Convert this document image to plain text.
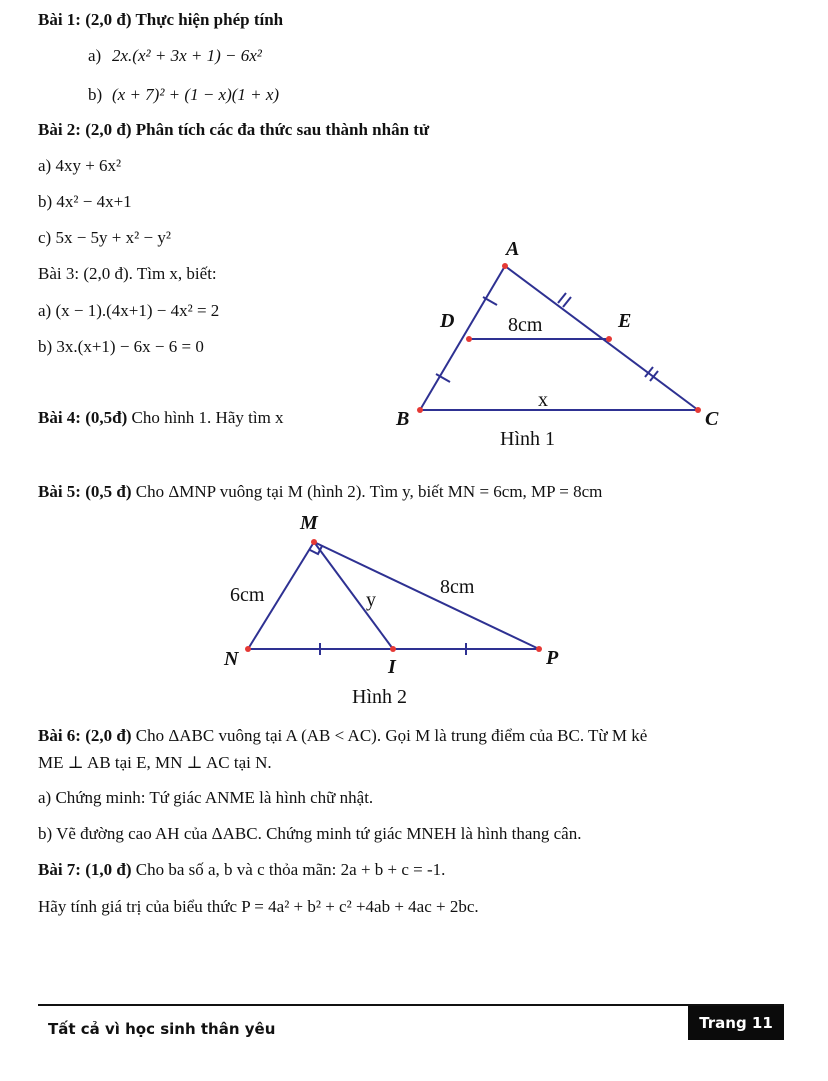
Bài 1: (2,0 đ) Thực hiện phép tính
a) 2x.(x² + 3x + 1) − 6x²
b) (x + 7)² + (1 − x)(1 + x)
Bài 2: (2,0 đ) Phân tích các đa thức sau thành nhân tử
a) 4xy + 6x²
b) 4x² − 4x+1
c) 5x − 5y + x² − y²
Bài 3: (2,0 đ). Tìm x, biết:
a) (x − 1).(4x+1) − 4x² = 2
b) 3x.(x+1) − 6x − 6 = 0
Bài 4: (0,5đ) Cho hình 1. Hãy tìm x
A
D	E
B	C
8cm
x
Hình 1
Bài 5: (0,5 đ) Cho ΔMNP vuông tại M (hình 2). Tìm y, biết MN = 6cm, MP = 8cm
M
N	I	P
6cm	8cm
y
Hình 2
Bài 6: (2,0 đ) Cho ΔABC vuông tại A (AB < AC). Gọi M là trung điểm của BC. Từ M kẻ
ME ⊥ AB tại E, MN ⊥ AC tại N.
a) Chứng minh: Tứ giác ANME là hình chữ nhật.
b) Vẽ đường cao AH của ΔABC. Chứng minh tứ giác MNEH là hình thang cân.
Bài 7: (1,0 đ) Cho ba số a, b và c thỏa mãn: 2a + b + c = -1.
Hãy tính giá trị của biểu thức P = 4a² + b² + c² +4ab + 4ac + 2bc.
Tất cả vì học sinh thân yêu	Trang 11
